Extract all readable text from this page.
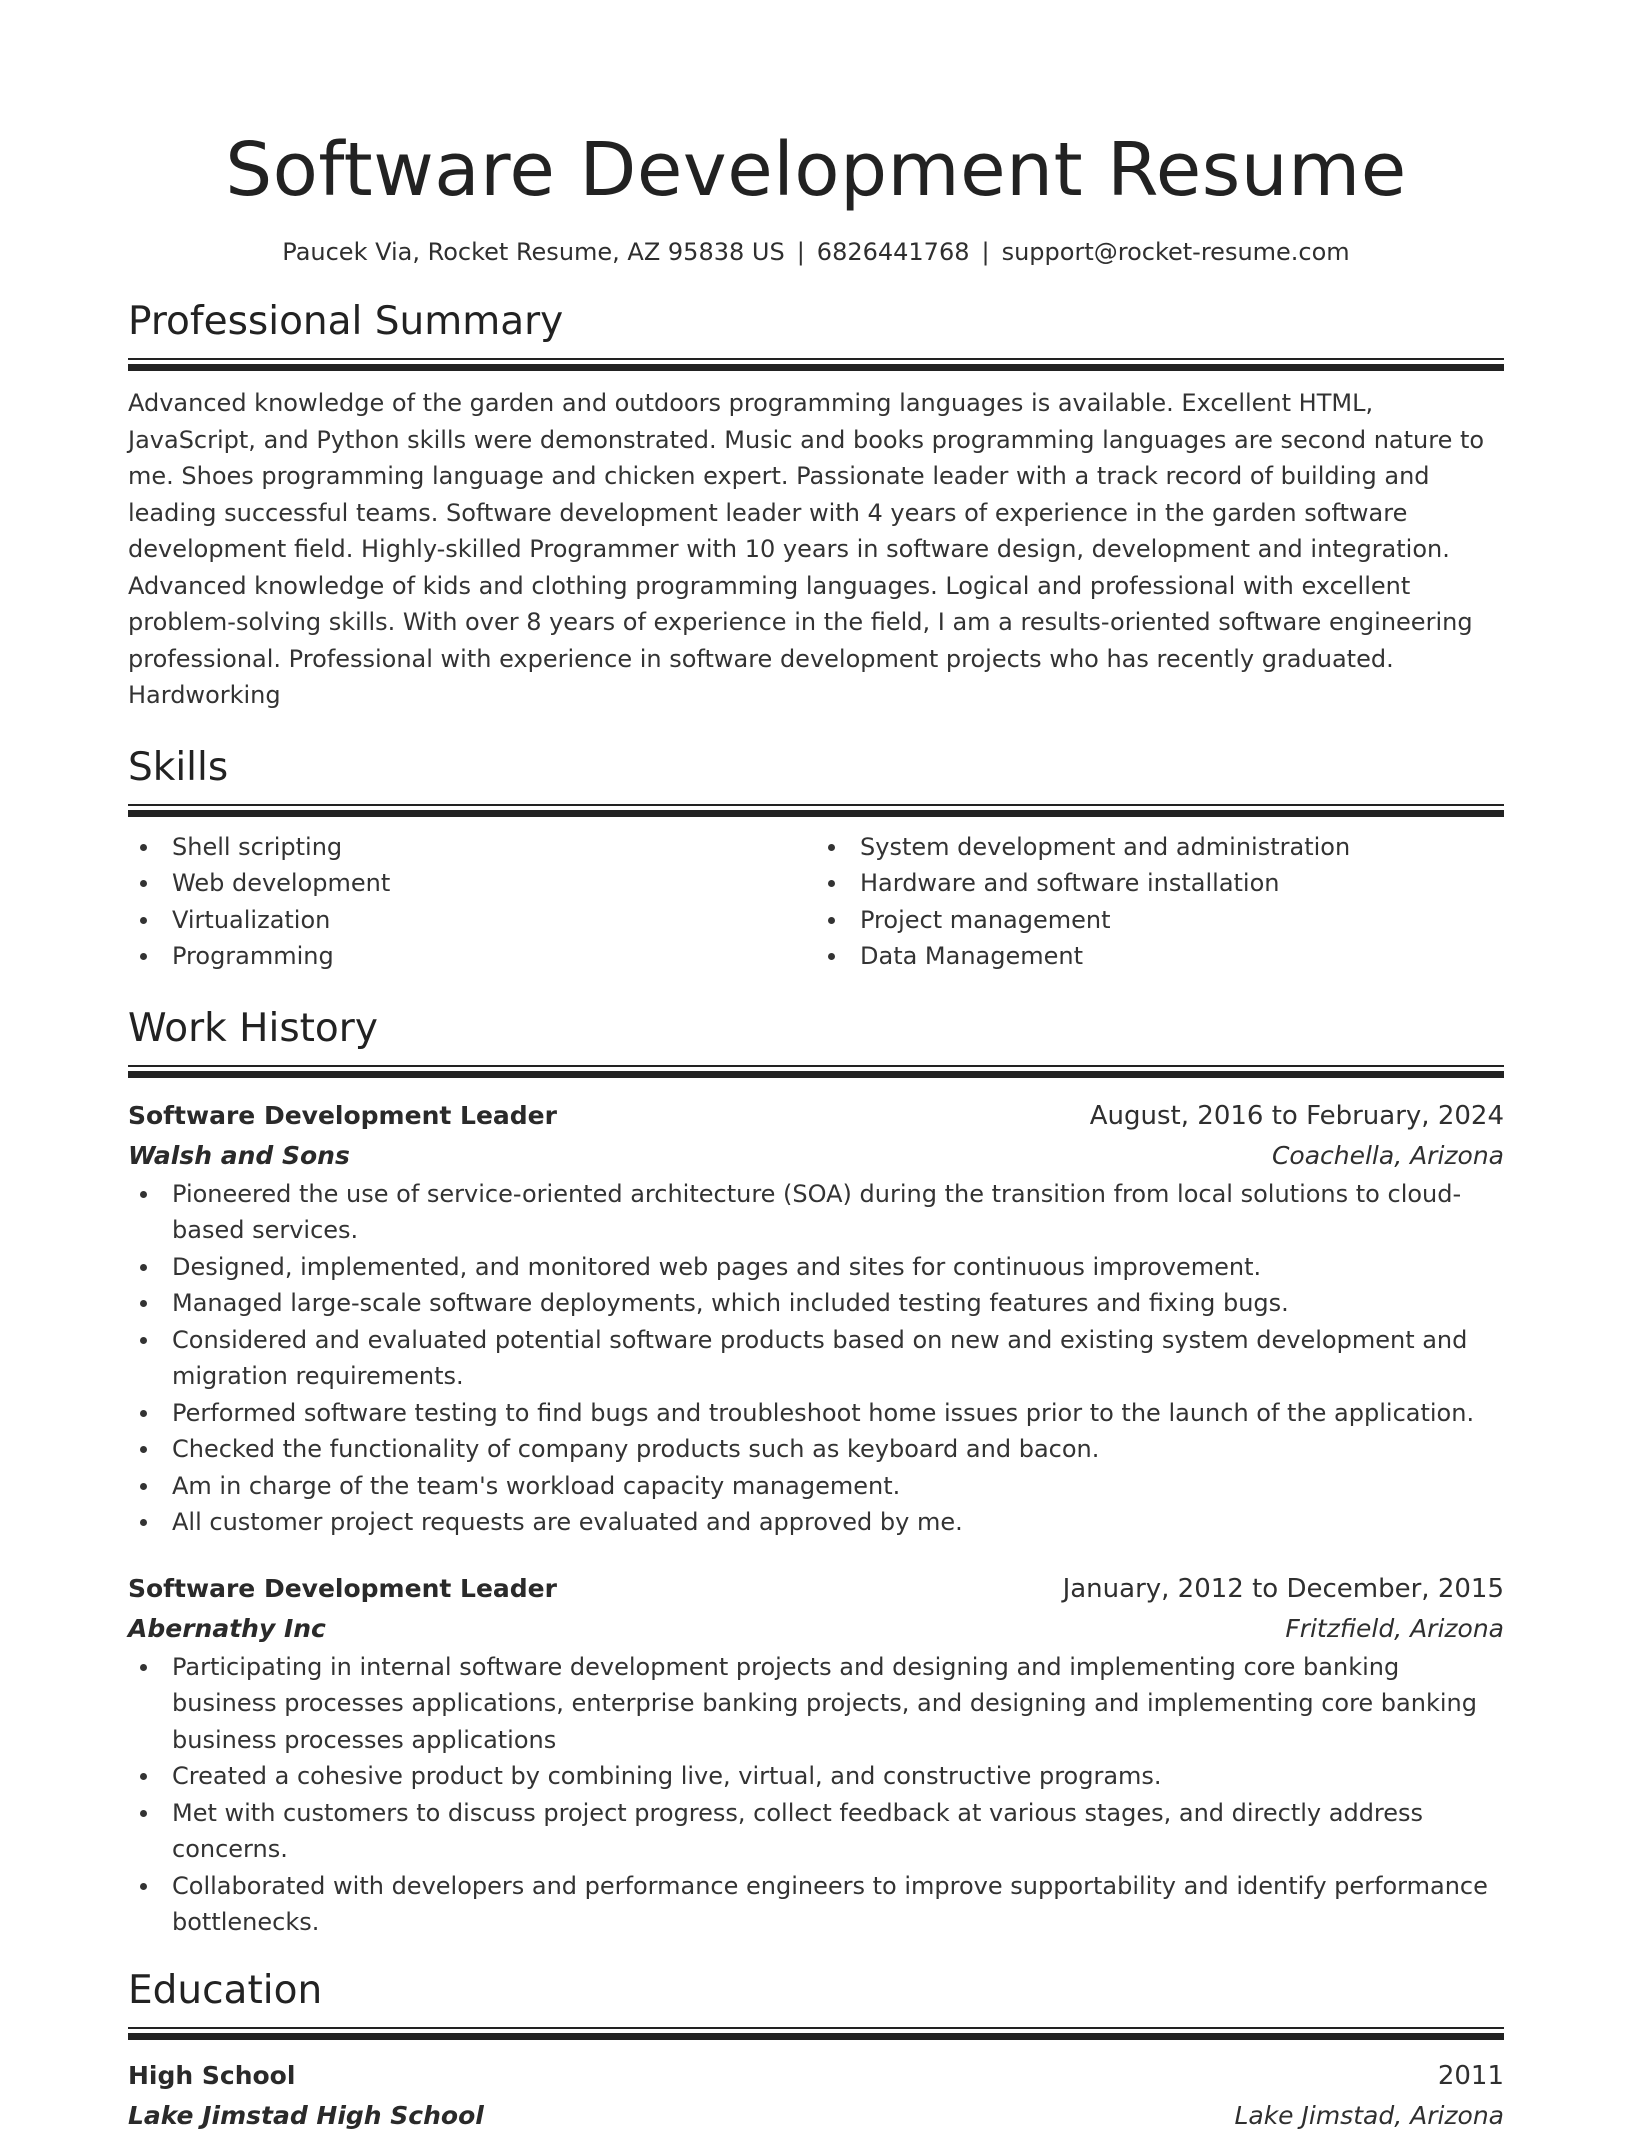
Software Development Resume
Paucek Via, Rocket Resume, AZ 95838 US | 6826441768 | support@rocket-resume.com
Professional Summary

Advanced knowledge of the garden and outdoors programming languages is available. Excellent HTML, JavaScript, and Python skills were demonstrated. Music and books programming languages are second nature to me. Shoes programming language and chicken expert. Passionate leader with a track record of building and leading successful teams. Software development leader with 4 years of experience in the garden software development field. Highly-skilled Programmer with 10 years in software design, development and integration. Advanced knowledge of kids and clothing programming languages. Logical and professional with excellent problem-solving skills. With over 8 years of experience in the field, I am a results-oriented software engineering professional. Professional with experience in software development projects who has recently graduated. Hardworking

Skills
Shell scripting
Web development
Virtualization
Programming
System development and administration
Hardware and software installation
Project management
Data Management
Work History
Software Development Leader	August, 2016 to February, 2024
Walsh and Sons	Coachella, Arizona
Pioneered the use of service-oriented architecture (SOA) during the transition from local solutions to cloud-based services.
Designed, implemented, and monitored web pages and sites for continuous improvement.
Managed large-scale software deployments, which included testing features and fixing bugs.
Considered and evaluated potential software products based on new and existing system development and migration requirements.
Performed software testing to find bugs and troubleshoot home issues prior to the launch of the application.
Checked the functionality of company products such as keyboard and bacon.
Am in charge of the team's workload capacity management.
All customer project requests are evaluated and approved by me.
Software Development Leader	January, 2012 to December, 2015
Abernathy Inc	Fritzfield, Arizona
Participating in internal software development projects and designing and implementing core banking business processes applications, enterprise banking projects, and designing and implementing core banking business processes applications
Created a cohesive product by combining live, virtual, and constructive programs.
Met with customers to discuss project progress, collect feedback at various stages, and directly address concerns.
Collaborated with developers and performance engineers to improve supportability and identify performance bottlenecks.
Education
High School	2011
Lake Jimstad High School	Lake Jimstad, Arizona
